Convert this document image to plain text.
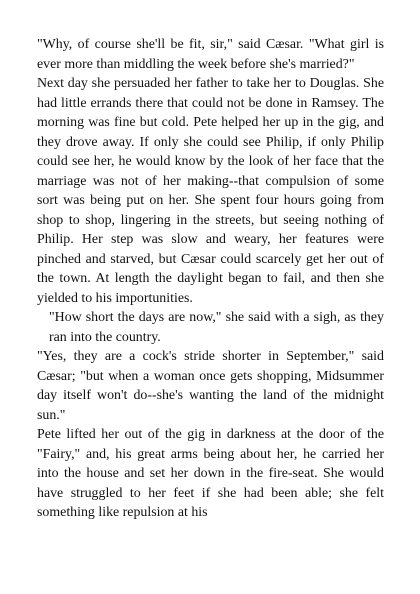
"Why, of course she'll be fit, sir," said Cæsar. "What girl is ever more than middling the week before she's married?"

Next day she persuaded her father to take her to Douglas. She had little errands there that could not be done in Ramsey. The morning was fine but cold. Pete helped her up in the gig, and they drove away. If only she could see Philip, if only Philip could see her, he would know by the look of her face that the marriage was not of her making--that compulsion of some sort was being put on her. She spent four hours going from shop to shop, lingering in the streets, but seeing nothing of Philip. Her step was slow and weary, her features were pinched and starved, but Cæsar could scarcely get her out of the town. At length the daylight began to fail, and then she yielded to his importunities.

"How short the days are now," she said with a sigh, as they ran into the country.

"Yes, they are a cock's stride shorter in September," said Cæsar; "but when a woman once gets shopping, Midsummer day itself won't do--she's wanting the land of the midnight sun."

Pete lifted her out of the gig in darkness at the door of the "Fairy," and, his great arms being about her, he carried her into the house and set her down in the fire-seat. She would have struggled to her feet if she had been able; she felt something like repulsion at his
